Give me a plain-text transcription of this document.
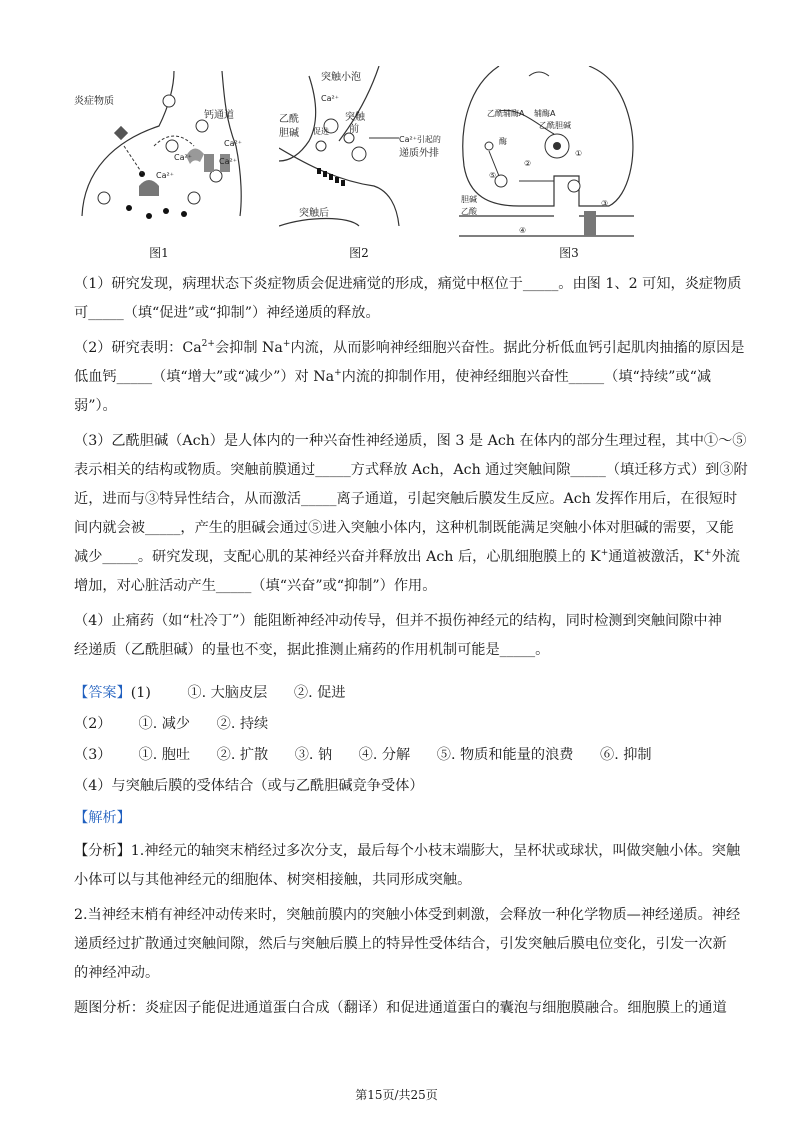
炎症物质
钙通道
Ca²⁺
Ca²⁺	Ca²⁺
Ca²⁺
图1
突触小泡
Ca²⁺
乙酰
胆碱 促进
突触
前
Ca²⁺引起的
递质外排
突触后
图2
乙酰辅酶A 辅酶A
乙酰胆碱
酶
胆碱
乙酸
①
②
③
④
⑤
图3
（1）研究发现，病理状态下炎症物质会促进痛觉的形成，痛觉中枢位于_____。由图 1、2 可知，炎症物质
可_____（填“促进”或“抑制”）神经递质的释放。
（2）研究表明：$Ca^{2+}$会抑制 Na+内流，从而影响神经细胞兴奋性。据此分析低血钙引起肌肉抽搐的原因是
低血钙_____（填“增大”或“减少”）对 Na+内流的抑制作用，使神经细胞兴奋性_____（填“持续”或“减
弱”）。
（3）乙酰胆碱（Ach）是人体内的一种兴奋性神经递质，图 3 是 Ach 在体内的部分生理过程，其中①～⑤
表示相关的结构或物质。突触前膜通过_____方式释放 Ach，Ach 通过突触间隙_____（填迁移方式）到③附
近，进而与③特异性结合，从而激活_____离子通道，引起突触后膜发生反应。Ach 发挥作用后，在很短时
间内就会被_____，产生的胆碱会通过⑤进入突触小体内，这种机制既能满足突触小体对胆碱的需要，又能
减少_____。研究发现，支配心肌的某神经兴奋并释放出 Ach 后，心肌细胞膜上的 K+通道被激活，K+外流
增加，对心脏活动产生_____（填“兴奋”或“抑制”）作用。
（4）止痛药（如“杜冷丁”）能阻断神经冲动传导，但并不损伤神经元的结构，同时检测到突触间隙中神
经递质（乙酰胆碱）的量也不变，据此推测止痛药的作用机制可能是_____。
【答案】(1)	①. 大脑皮层 ②. 促进
（2） ①. 减少 ②. 持续
（3） ①. 胞吐 ②. 扩散 ③. 钠 ④. 分解 ⑤. 物质和能量的浪费 ⑥. 抑制
（4）与突触后膜的受体结合（或与乙酰胆碱竞争受体）
【解析】
【分析】1.神经元的轴突末梢经过多次分支，最后每个小枝末端膨大，呈杯状或球状，叫做突触小体。突触
小体可以与其他神经元的细胞体、树突相接触，共同形成突触。
2.当神经末梢有神经冲动传来时，突触前膜内的突触小体受到刺激，会释放一种化学物质—神经递质。神经
递质经过扩散通过突触间隙，然后与突触后膜上的特异性受体结合，引发突触后膜电位变化，引发一次新
的神经冲动。
题图分析：炎症因子能促进通道蛋白合成（翻译）和促进通道蛋白的囊泡与细胞膜融合。细胞膜上的通道
第15页/共25页
